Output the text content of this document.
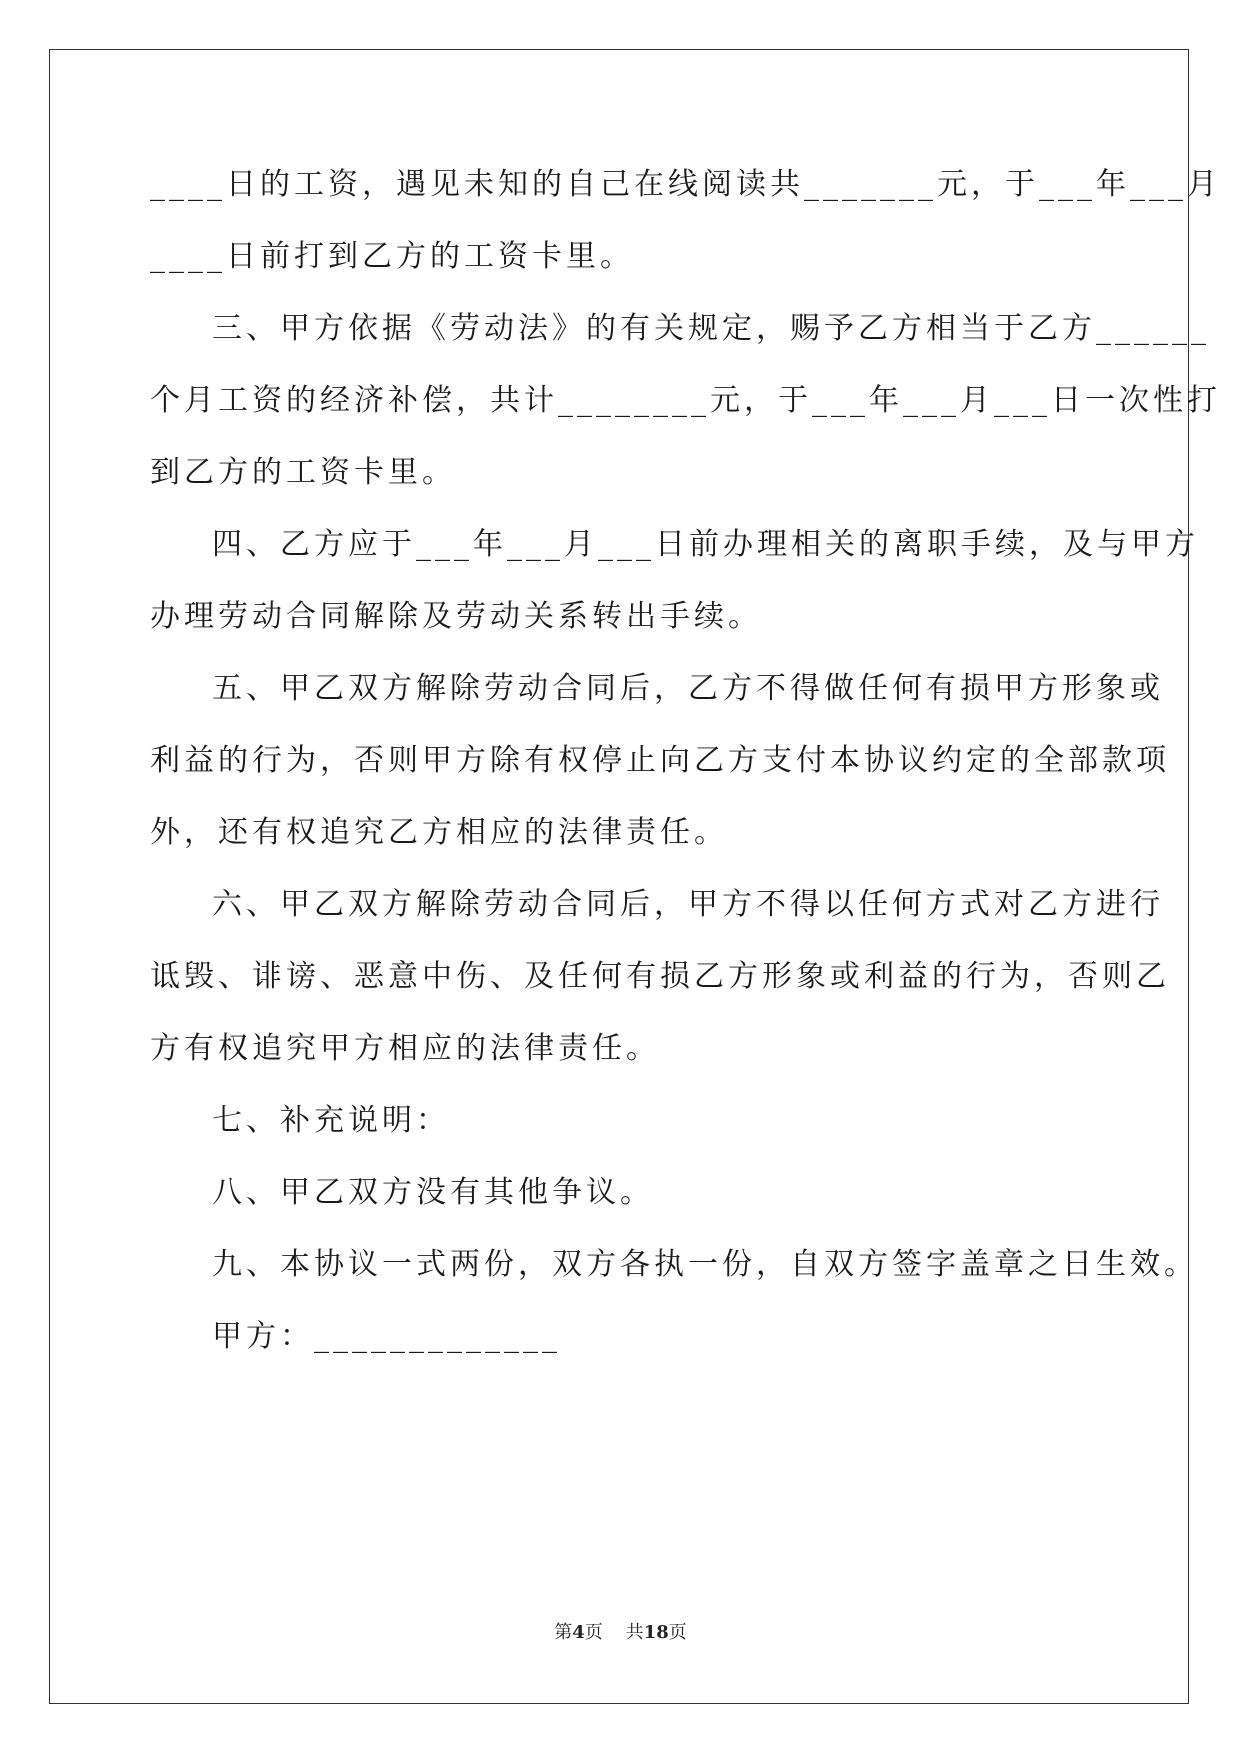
____日的工资，遇见未知的自己在线阅读共_______元，于___年___月
____日前打到乙方的工资卡里。
三、甲方依据《劳动法》的有关规定，赐予乙方相当于乙方______
个月工资的经济补偿，共计________元，于___年___月___日一次性打
到乙方的工资卡里。
四、乙方应于___年___月___日前办理相关的离职手续，及与甲方
办理劳动合同解除及劳动关系转出手续。
五、甲乙双方解除劳动合同后，乙方不得做任何有损甲方形象或
利益的行为，否则甲方除有权停止向乙方支付本协议约定的全部款项
外，还有权追究乙方相应的法律责任。
六、甲乙双方解除劳动合同后，甲方不得以任何方式对乙方进行
诋毁、诽谤、恶意中伤、及任何有损乙方形象或利益的行为，否则乙
方有权追究甲方相应的法律责任。
七、补充说明：
八、甲乙双方没有其他争议。
九、本协议一式两份，双方各执一份，自双方签字盖章之日生效。
甲方：_____________
第4页 共18页
